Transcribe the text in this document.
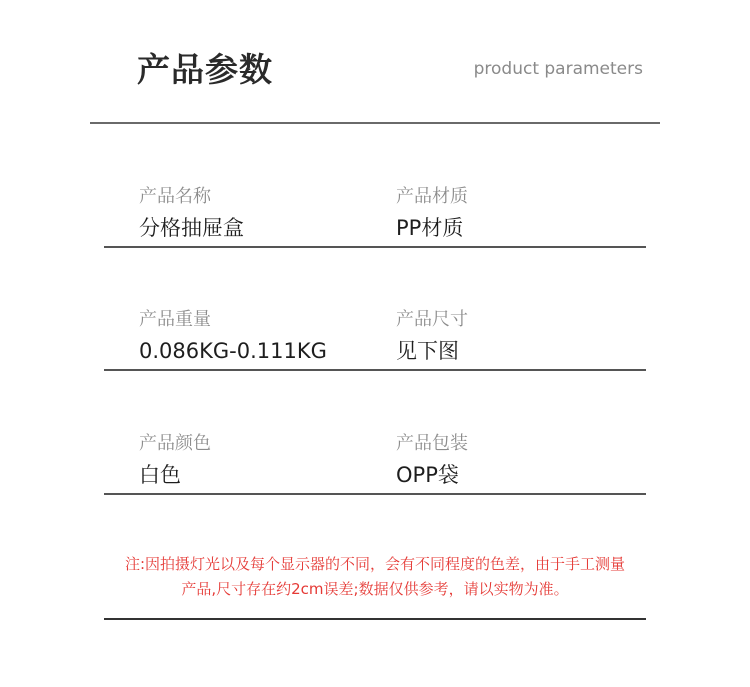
产品参数	product parameters
产品名称
分格抽屉盒
产品材质
PP材质
产品重量
0.086KG-0.111KG
产品尺寸
见下图
产品颜色
白色
产品包装
OPP袋
注:因拍摄灯光以及每个显示器的不同，会有不同程度的色差，由于手工测量
产品,尺寸存在约2cm误差;数据仅供参考，请以实物为准。
